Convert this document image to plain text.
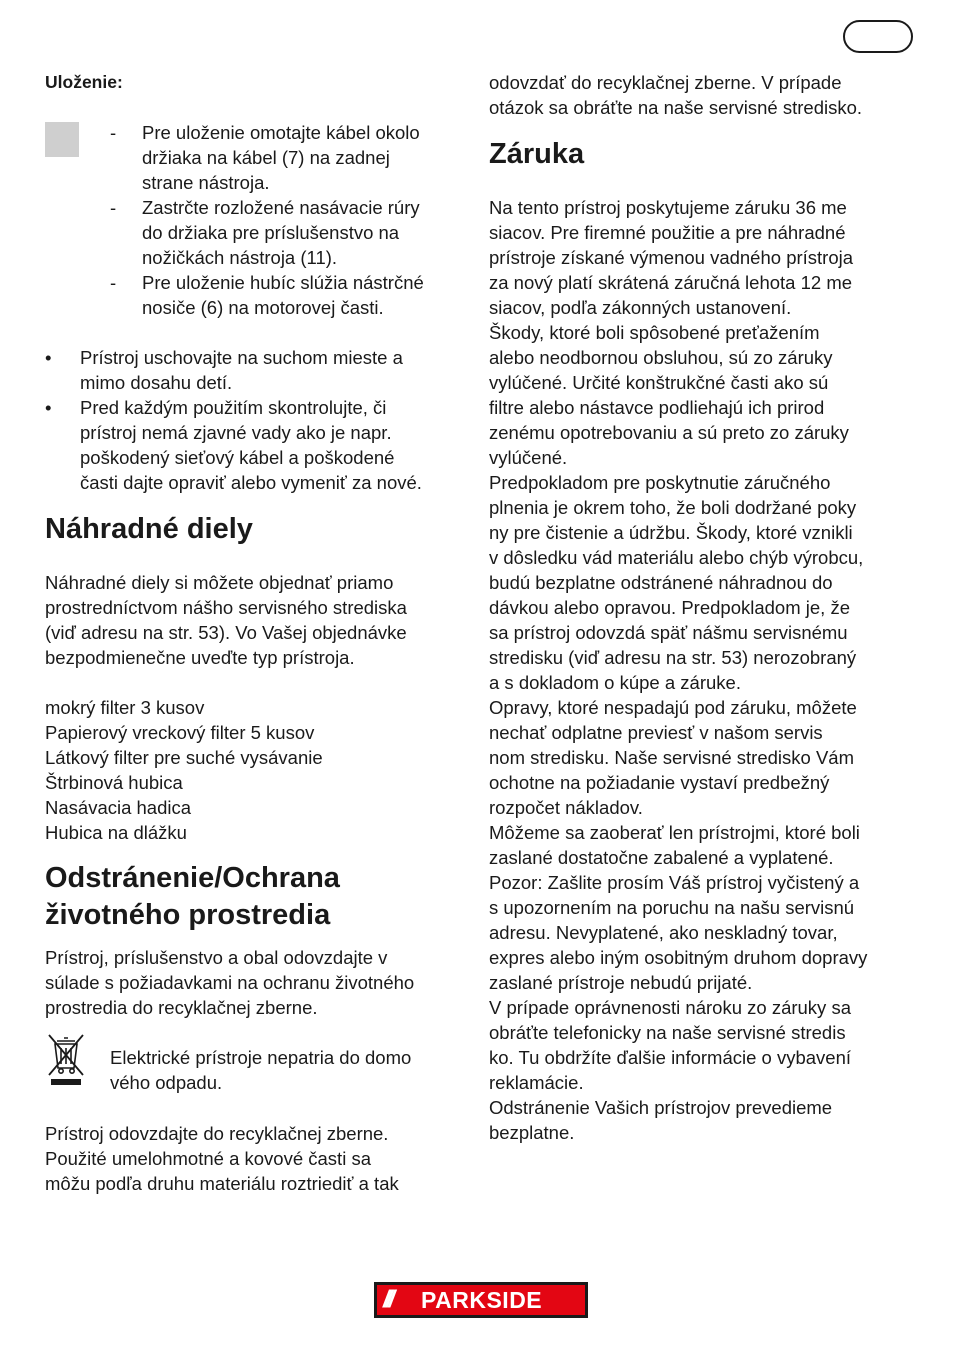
Uloženie:
- Pre uloženie omotajte kábel okolo
držiaka na kábel (7) na zadnej
strane nástroja.
- Zastrčte rozložené nasávacie rúry
do držiaka pre príslušenstvo na
nožičkách nástroja (11).
- Pre uloženie hubíc slúžia nástrčné
nosiče (6) na motorovej časti.
• Prístroj uschovajte na suchom mieste a
mimo dosahu detí.
• Pred každým použitím skontrolujte, či
prístroj nemá zjavné vady ako je napr.
poškodený sieťový kábel a poškodené
časti dajte opraviť alebo vymeniť za nové.
Náhradné diely
Náhradné diely si môžete objednať priamo
prostredníctvom nášho servisného strediska
(viď adresu na str. 53). Vo Vašej objednávke
bezpodmienečne uveďte typ prístroja.
mokrý filter 3 kusov
Papierový vreckový filter 5 kusov
Látkový filter pre suché vysávanie
Štrbinová hubica
Nasávacia hadica
Hubica na dlážku
Odstránenie/Ochrana
životného prostredia
Prístroj, príslušenstvo a obal odovzdajte v
súlade s požiadavkami na ochranu životného
prostredia do recyklačnej zberne.
Elektrické prístroje nepatria do domo
vého odpadu.
Prístroj odovzdajte do recyklačnej zberne.
Použité umelohmotné a kovové časti sa
môžu podľa druhu materiálu roztriediť a tak
odovzdať do recyklačnej zberne. V prípade
otázok sa obráťte na naše servisné stredisko.
Záruka
Na tento prístroj poskytujeme záruku 36 me
siacov. Pre firemné použitie a pre náhradné
prístroje získané výmenou vadného prístroja
za nový platí skrátená záručná lehota 12 me
siacov, podľa zákonných ustanovení.
Škody, ktoré boli spôsobené preťažením
alebo neodbornou obsluhou, sú zo záruky
vylúčené. Určité konštrukčné časti ako sú
filtre alebo nástavce podliehajú ich prirod
zenému opotrebovaniu a sú preto zo záruky
vylúčené.
Predpokladom pre poskytnutie záručného
plnenia je okrem toho, že boli dodržané poky
ny pre čistenie a údržbu. Škody, ktoré vznikli
v dôsledku vád materiálu alebo chýb výrobcu,
budú bezplatne odstránené náhradnou do
dávkou alebo opravou. Predpokladom je, že
sa prístroj odovzdá späť nášmu servisnému
stredisku (viď adresu na str. 53) nerozobraný
a s dokladom o kúpe a záruke.
Opravy, ktoré nespadajú pod záruku, môžete
nechať odplatne previesť v našom servis
nom stredisku. Naše servisné stredisko Vám
ochotne na požiadanie vystaví predbežný
rozpočet nákladov.
Môžeme sa zaoberať len prístrojmi, ktoré boli
zaslané dostatočne zabalené a vyplatené.
Pozor: Zašlite prosím Váš prístroj vyčistený a
s upozornením na poruchu na našu servisnú
adresu. Nevyplatené, ako neskladný tovar,
expres alebo iným osobitným druhom dopravy
zaslané prístroje nebudú prijaté.
V prípade oprávnenosti nároku zo záruky sa
obráťte telefonicky na naše servisné stredis
ko. Tu obdržíte ďalšie informácie o vybavení
reklamácie.
Odstránenie Vašich prístrojov prevedieme
bezplatne.
/// PARKSIDE
